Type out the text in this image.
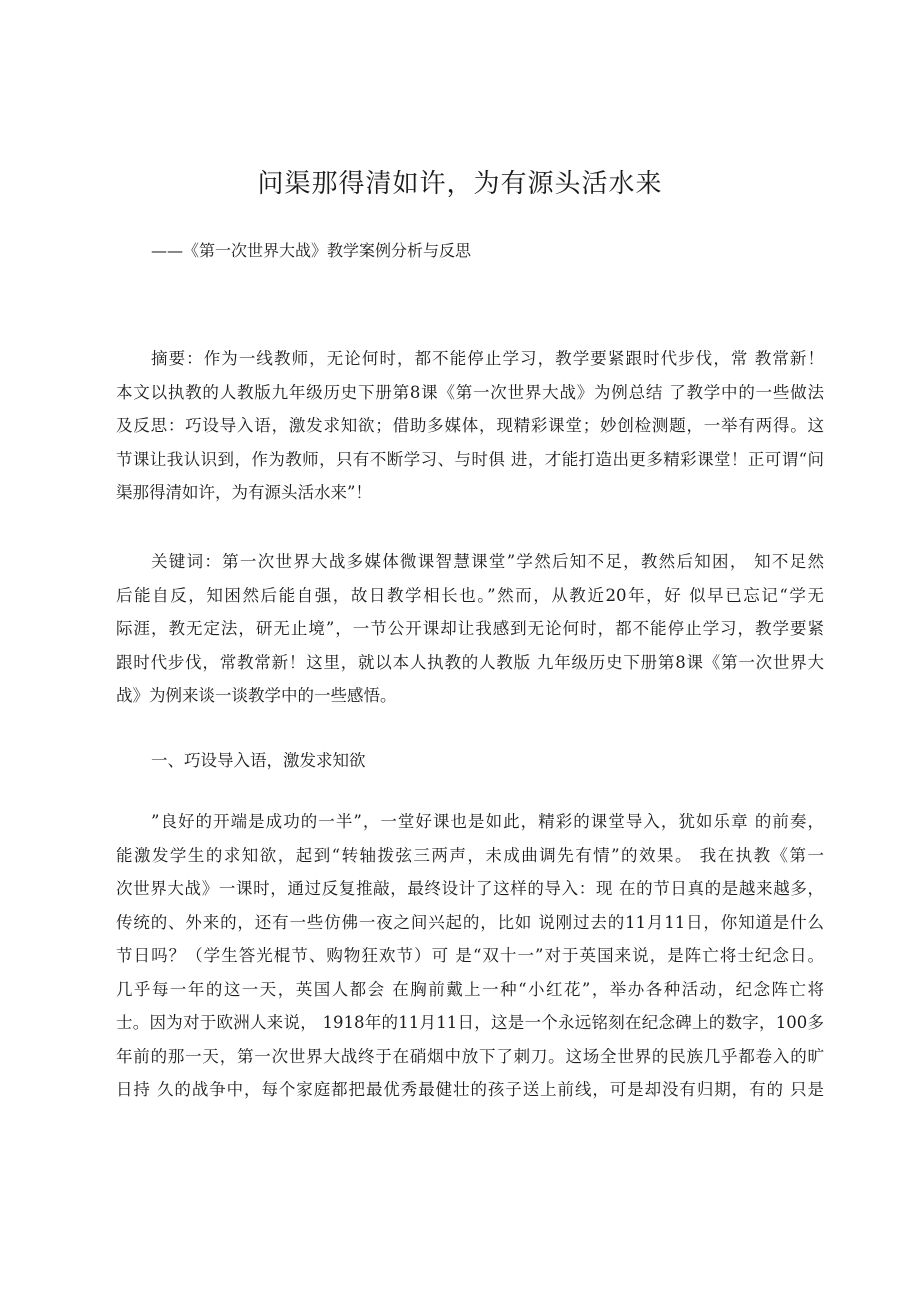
问渠那得清如许，为有源头活水来
——《第一次世界大战》教学案例分析与反思
摘要：作为一线教师，无论何时，都不能停止学习，教学要紧跟时代步伐，常 教常新！
本文以执教的人教版九年级历史下册第8课《第一次世界大战》为例总结 了教学中的一些做法
及反思：巧设导入语，激发求知欲；借助多媒体，现精彩课堂；妙创检测题，一举有两得。这
节课让我认识到，作为教师，只有不断学习、与时俱 进，才能打造出更多精彩课堂！正可谓“问
渠那得清如许，为有源头活水来”！
关键词：第一次世界大战多媒体微课智慧课堂”学然后知不足，教然后知困， 知不足然
后能自反，知困然后能自强，故日教学相长也。”然而，从教近20年，好 似早已忘记“学无
际涯，教无定法，研无止境”，一节公开课却让我感到无论何时，都不能停止学习，教学要紧
跟时代步伐，常教常新！这里，就以本人执教的人教版 九年级历史下册第8课《第一次世界大
战》为例来谈一谈教学中的一些感悟。
一、巧设导入语，激发求知欲
”良好的开端是成功的一半”，一堂好课也是如此，精彩的课堂导入，犹如乐章 的前奏，
能激发学生的求知欲，起到“转轴拨弦三两声，未成曲调先有情”的效果。 我在执教《第一
次世界大战》一课时，通过反复推敲，最终设计了这样的导入：现 在的节日真的是越来越多，
传统的、外来的，还有一些仿佛一夜之间兴起的，比如 说刚过去的11月11日，你知道是什么
节日吗？（学生答光棍节、购物狂欢节）可 是“双十一”对于英国来说，是阵亡将士纪念日。
几乎每一年的这一天，英国人都会 在胸前戴上一种“小红花”，举办各种活动，纪念阵亡将
士。因为对于欧洲人来说， 1918年的11月11日，这是一个永远铭刻在纪念碑上的数字，100多
年前的那一天，第一次世界大战终于在硝烟中放下了刺刀。这场全世界的民族几乎都卷入的旷
日持 久的战争中，每个家庭都把最优秀最健壮的孩子送上前线，可是却没有归期，有的 只是
